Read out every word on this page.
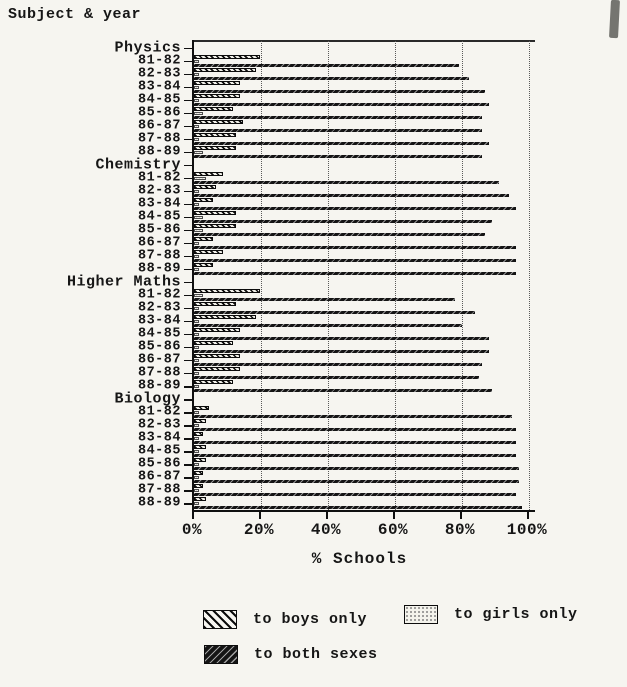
Subject & year
Physics
81-82
82-83
83-84
84-85
85-86
86-87
87-88
88-89
Chemistry
81-82
82-83
83-84
84-85
85-86
86-87
87-88
88-89
Higher Maths
81-82
82-83
83-84
84-85
85-86
86-87
87-88
88-89
Biology
81-82
82-83
83-84
84-85
85-86
86-87
87-88
88-89
0%	20% 40% 60% 80% 100%
% Schools
to boys only	to girls only
to both sexes
